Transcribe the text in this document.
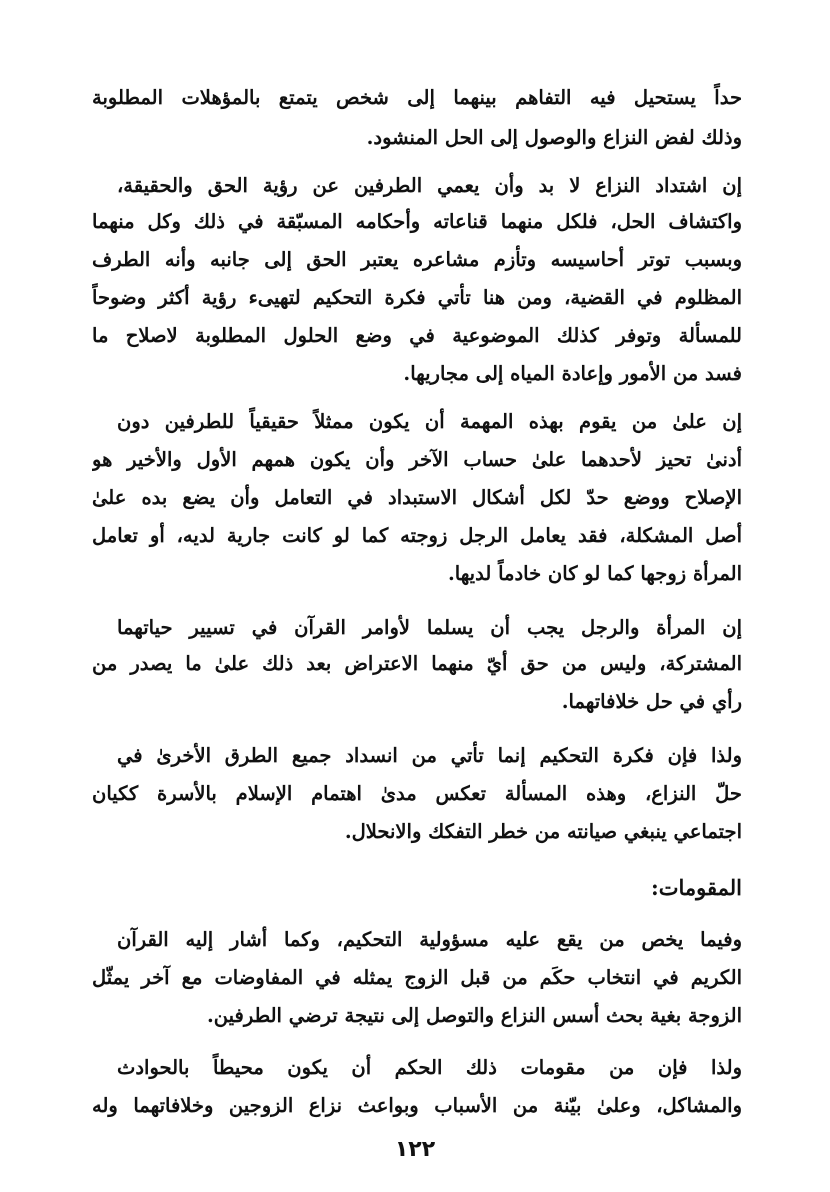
حداً يستحيل فيه التفاهم بينهما إلى شخص يتمتع بالمؤهلات المطلوبة
وذلك لفض النزاع والوصول إلى الحل المنشود.
إن اشتداد النزاع لا بد وأن يعمي الطرفين عن رؤية الحق والحقيقة،
واكتشاف الحل، فلكل منهما قناعاته وأحكامه المسبّقة في ذلك وكل منهما
وبسبب توتر أحاسيسه وتأزم مشاعره يعتبر الحق إلى جانبه وأنه الطرف
المظلوم في القضية، ومن هنا تأتي فكرة التحكيم لتهيىء رؤية أكثر وضوحاً
للمسألة وتوفر كذلك الموضوعية في وضع الحلول المطلوبة لاصلاح ما
فسد من الأمور وإعادة المياه إلى مجاريها.
إن علىٰ من يقوم بهذه المهمة أن يكون ممثلاً حقيقياً للطرفين دون
أدنىٰ تحيز لأحدهما علىٰ حساب الآخر وأن يكون همهم الأول والأخير هو
الإصلاح ووضع حدّ لكل أشكال الاستبداد في التعامل وأن يضع بده علىٰ
أصل المشكلة، فقد يعامل الرجل زوجته كما لو كانت جارية لديه، أو تعامل
المرأة زوجها كما لو كان خادماً لديها.
إن المرأة والرجل يجب أن يسلما لأوامر القرآن في تسيير حياتهما
المشتركة، وليس من حق أيّ منهما الاعتراض بعد ذلك علىٰ ما يصدر من
رأي في حل خلافاتهما.
ولذا فإن فكرة التحكيم إنما تأتي من انسداد جميع الطرق الأخرىٰ في
حلّ النزاع، وهذه المسألة تعكس مدىٰ اهتمام الإسلام بالأسرة ككيان
اجتماعي ينبغي صيانته من خطر التفكك والانحلال.
المقومات:
وفيما يخص من يقع عليه مسؤولية التحكيم، وكما أشار إليه القرآن
الكريم في انتخاب حكَم من قبل الزوج يمثله في المفاوضات مع آخر يمثّل
الزوجة بغية بحث أسس النزاع والتوصل إلى نتيجة ترضي الطرفين.
ولذا فإن من مقومات ذلك الحكم أن يكون محيطاً بالحوادث
والمشاكل، وعلىٰ بيّنة من الأسباب وبواعث نزاع الزوجين وخلافاتهما وله
١٢٢
